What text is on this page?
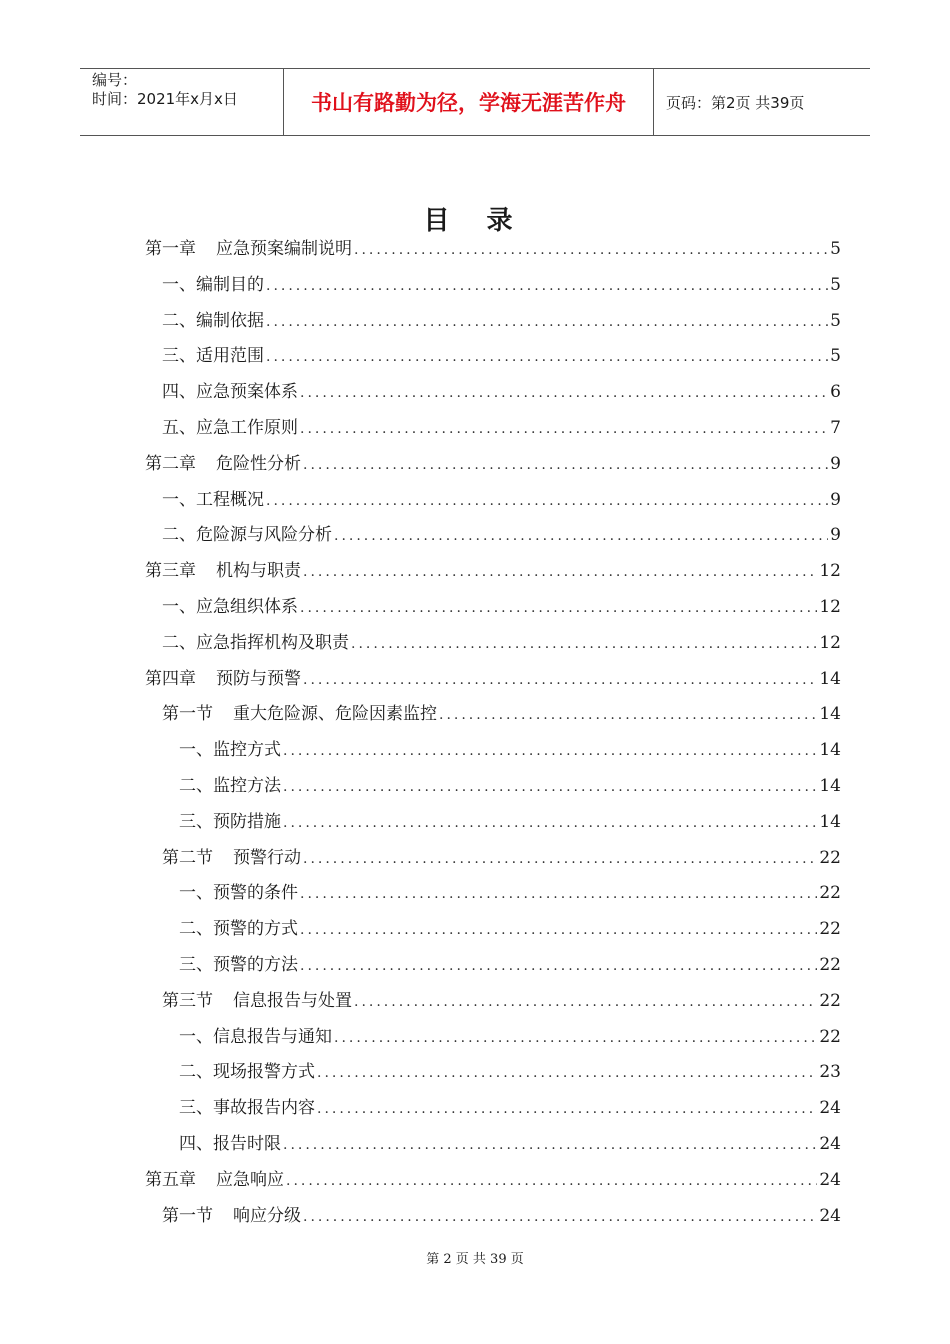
编号：
时间：2021年x月x日	书山有路勤为径，学海无涯苦作舟	页码：第2页 共39页
目 录
第一章 应急预案编制说明 .....	5
一、编制目的 .....	5
二、编制依据 .....	5
三、适用范围 .....	5
四、应急预案体系 .....	6
五、应急工作原则 .....	7
第二章 危险性分析 .....	9
一、工程概况 .....	9
二、危险源与风险分析 .....	9
第三章 机构与职责 .....	12
一、应急组织体系 .....	12
二、应急指挥机构及职责 .....	12
第四章 预防与预警 .....	14
第一节 重大危险源、危险因素监控 .....	14
一、监控方式 .....	14
二、监控方法 .....	14
三、预防措施 .....	14
第二节 预警行动 .....	22
一、预警的条件 .....	22
二、预警的方式 .....	22
三、预警的方法 .....	22
第三节 信息报告与处置 .....	22
一、信息报告与通知 .....	22
二、现场报警方式 .....	23
三、事故报告内容 .....	24
四、报告时限 .....	24
第五章 应急响应 .....	24
第一节 响应分级 .....	24
第 2 页 共 39 页
